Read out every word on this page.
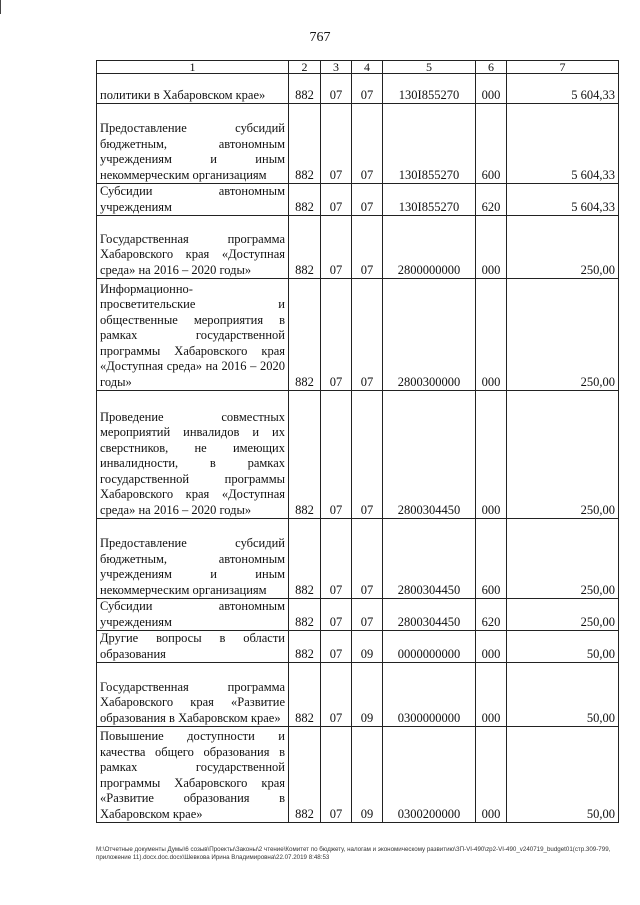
767
1	2	3	4	5	6	7
политики в Хабаровском крае»	882	07	07	130I855270	000	5 604,33
Предоставление субсидий бюджетным, автономным учреждениям и иным некоммерческим организациям	882	07	07	130I855270	600	5 604,33
Субсидии автономным учреждениям	882	07	07	130I855270	620	5 604,33
Государственная программа Хабаровского края «Доступная среда» на 2016 – 2020 годы»	882	07	07	2800000000	000	250,00
Информационно-просветительские и общественные мероприятия в рамках государственной программы Хабаровского края «Доступная среда» на 2016 – 2020 годы»	882	07	07	2800300000	000	250,00
Проведение совместных мероприятий инвалидов и их сверстников, не имеющих инвалидности, в рамках государственной программы Хабаровского края «Доступная среда» на 2016 – 2020 годы»	882	07	07	2800304450	000	250,00
Предоставление субсидий бюджетным, автономным учреждениям и иным некоммерческим организациям	882	07	07	2800304450	600	250,00
Субсидии автономным учреждениям	882	07	07	2800304450	620	250,00
Другие вопросы в области образования	882	07	09	0000000000	000	50,00
Государственная программа Хабаровского края «Развитие образования в Хабаровском крае»	882	07	09	0300000000	000	50,00
Повышение доступности и качества общего образования в рамках государственной программы Хабаровского края «Развитие образования в Хабаровском крае»	882	07	09	0300200000	000	50,00
M:\Отчетные документы Думы\6 созыв\Проекты\Законы\2 чтение\Комитет по бюджету, налогам и экономическому развитию\ЗП-VI-490\zp2-VI-490_v240719_budget01(стр.309-799, приложение 11).docx.doc.docx\Шевкова Ирина Владимировна\22.07.2019 8:48:53
